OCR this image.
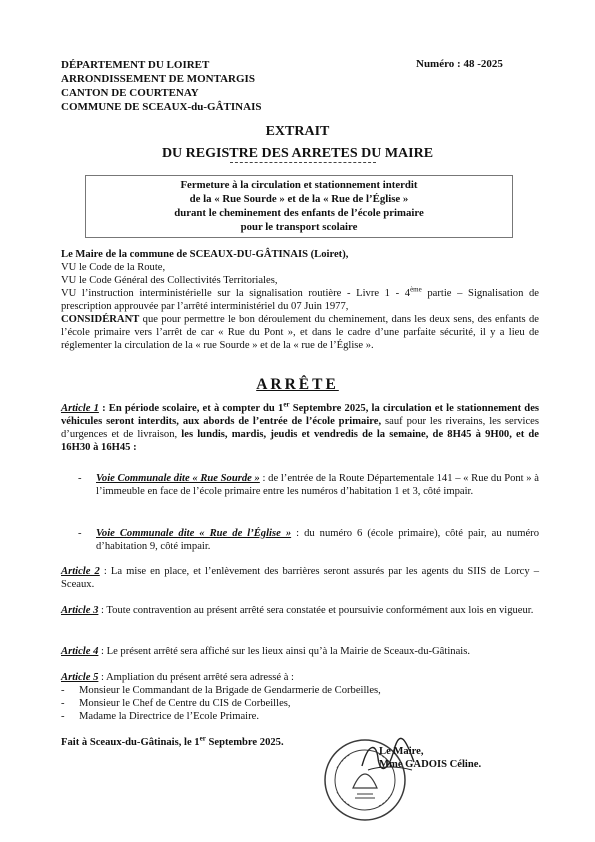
DÉPARTEMENT DU LOIRET
ARRONDISSEMENT DE MONTARGIS
CANTON DE COURTENAY
COMMUNE DE SCEAUX-du-GÂTINAIS
Numéro : 48 -2025
EXTRAIT
DU REGISTRE DES ARRETES DU MAIRE
Fermeture à la circulation et stationnement interdit
de la « Rue Sourde » et de la « Rue de l’Église »
durant le cheminement des enfants de l’école primaire
pour le transport scolaire
Le Maire de la commune de SCEAUX-DU-GÂTINAIS (Loiret),
VU le Code de la Route,
VU le Code Général des Collectivités Territoriales,

VU l’instruction interministérielle sur la signalisation routière - Livre 1 - 4ème partie – Signalisation de prescription approuvée par l’arrêté interministériel du 07 Juin 1977,

CONSIDÉRANT que pour permettre le bon déroulement du cheminement, dans les deux sens, des enfants de l’école primaire vers l’arrêt de car « Rue du Pont », et dans le cadre d’une parfaite sécurité, il y a lieu de réglementer la circulation de la « rue Sourde » et de la « rue de l’Église ».

ARRÊTE

Article 1 : En période scolaire, et à compter du 1er Septembre 2025, la circulation et le stationnement des véhicules seront interdits, aux abords de l’entrée de l’école primaire, sauf pour les riverains, les services d’urgences et de livraison, les lundis, mardis, jeudis et vendredis de la semaine, de 8H45 à 9H00, et de 16H30 à 16H45 :

- Voie Communale dite « Rue Sourde » : de l’entrée de la Route Départementale 141 – « Rue du Pont » à l’immeuble en face de l’école primaire entre les numéros d’habitation 1 et 3, côté impair.
- Voie Communale dite « Rue de l’Église » : du numéro 6 (école primaire), côté pair, au numéro d’habitation 9, côté impair.

Article 2 : La mise en place, et l’enlèvement des barrières seront assurés par les agents du SIIS de Lorcy – Sceaux.

Article 3 : Toute contravention au présent arrêté sera constatée et poursuivie conformément aux lois en vigueur.

Article 4 : Le présent arrêté sera affiché sur les lieux ainsi qu’à la Mairie de Sceaux-du-Gâtinais.

Article 5 : Ampliation du présent arrêté sera adressé à :

- Monsieur le Commandant de la Brigade de Gendarmerie de Corbeilles,
- Monsieur le Chef de Centre du CIS de Corbeilles,
- Madame la Directrice de l’Ecole Primaire.
Fait à Sceaux-du-Gâtinais, le 1er Septembre 2025.
Le Maire,
Mme GADOIS Céline.
